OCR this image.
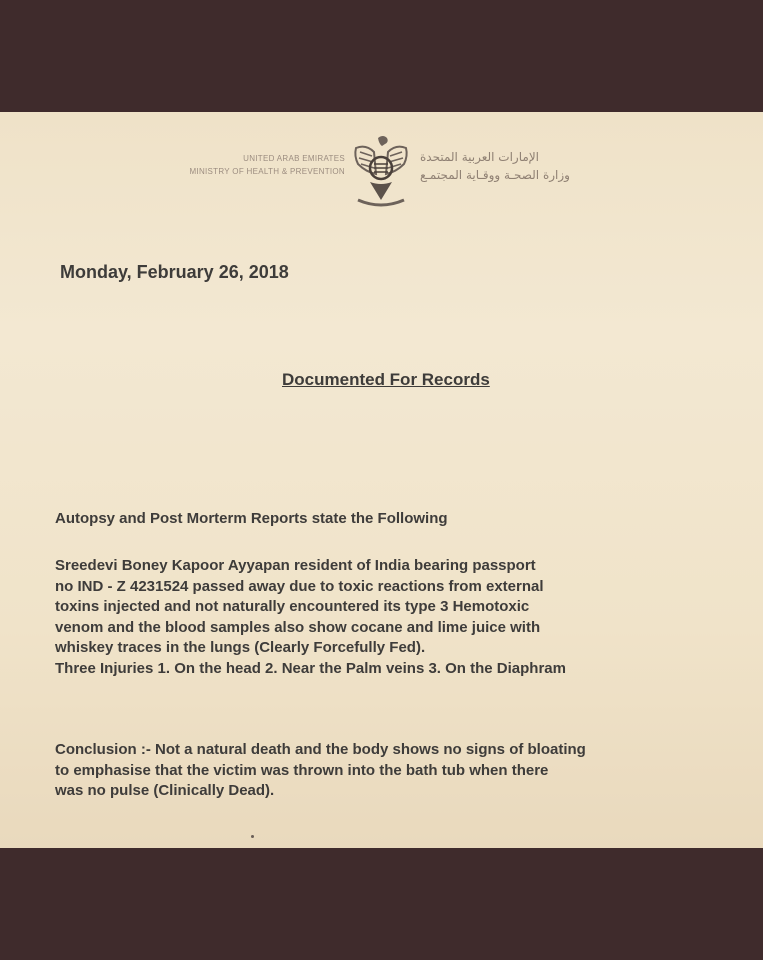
UNITED ARAB EMIRATES
MINISTRY OF HEALTH & PREVENTION
الإمارات العربية المتحدة
وزارة الصحـة ووقـاية المجتمـع
Monday, February 26, 2018
Documented For Records
Autopsy and Post Morterm Reports state the Following
Sreedevi Boney Kapoor Ayyapan resident of India bearing passport
no IND - Z 4231524 passed away due to toxic reactions from external
toxins injected and not naturally encountered its type 3 Hemotoxic
venom and the blood samples also show cocane and lime juice with
whiskey traces in the lungs (Clearly Forcefully Fed).
Three Injuries 1. On the head 2. Near the Palm veins 3. On the Diaphram
Conclusion :- Not a natural death and the body shows no signs of bloating
to emphasise that the victim was thrown into the bath tub when there
was no pulse (Clinically Dead).
